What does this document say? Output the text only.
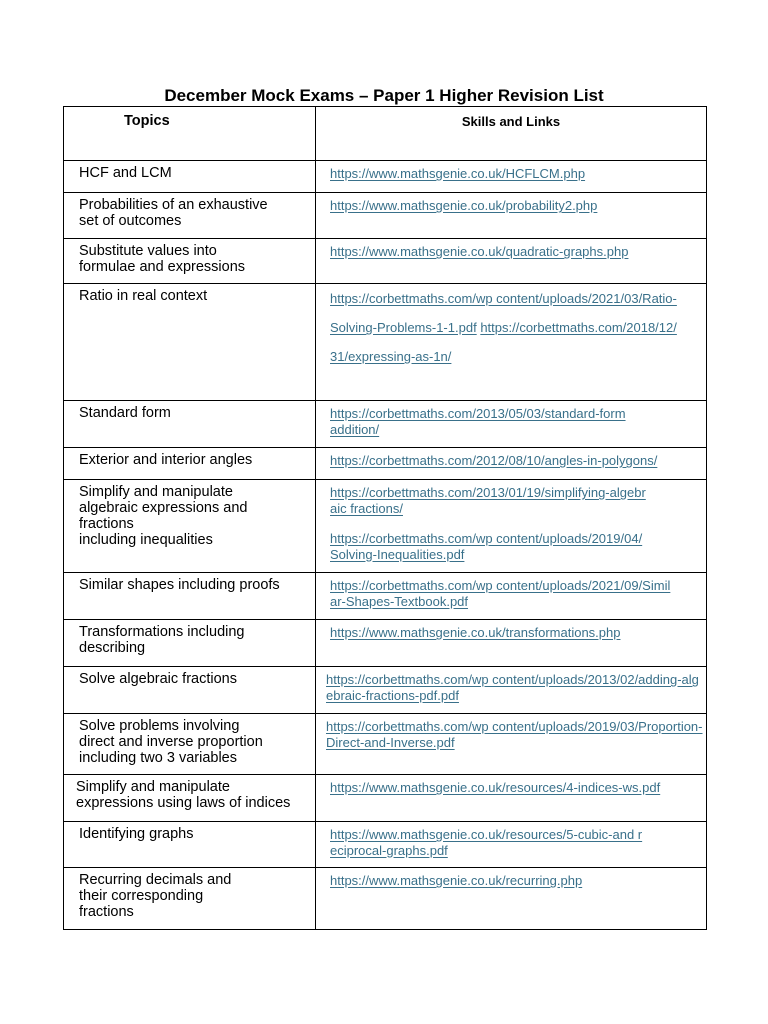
December Mock Exams – Paper 1 Higher Revision List
Topics	Skills and Links

HCF and LCM	https://www.mathsgenie.co.uk/HCFLCM.php

Probabilities of an exhaustive
set of outcomes	https://www.mathsgenie.co.uk/probability2.php

Substitute values into
formulae and expressions	https://www.mathsgenie.co.uk/quadratic-graphs.php

Ratio in real context	https://corbettmaths.com/wp content/uploads/2021/03/Ratio-Solving-Problems-1-1.pdf https://corbettmaths.com/2018/12/31/expressing-as-1n/

Standard form	https://corbettmaths.com/2013/05/03/standard-form addition/

Exterior and interior angles	https://corbettmaths.com/2012/08/10/angles-in-polygons/

Simplify and manipulate
algebraic expressions and
fractions
including inequalities	https://corbettmaths.com/2013/01/19/simplifying-algebraic fractions/
https://corbettmaths.com/wp content/uploads/2019/04/Solving-Inequalities.pdf

Similar shapes including proofs	https://corbettmaths.com/wp content/uploads/2021/09/Similar-Shapes-Textbook.pdf

Transformations including
describing	https://www.mathsgenie.co.uk/transformations.php

Solve algebraic fractions	https://corbettmaths.com/wp content/uploads/2013/02/adding-algebraic-fractions-pdf.pdf

Solve problems involving
direct and inverse proportion
including two 3 variables	https://corbettmaths.com/wp content/uploads/2019/03/Proportion-Direct-and-Inverse.pdf

Simplify and manipulate
expressions using laws of indices	https://www.mathsgenie.co.uk/resources/4-indices-ws.pdf

Identifying graphs	https://www.mathsgenie.co.uk/resources/5-cubic-and reciprocal-graphs.pdf

Recurring decimals and
their corresponding
fractions	https://www.mathsgenie.co.uk/recurring.php
